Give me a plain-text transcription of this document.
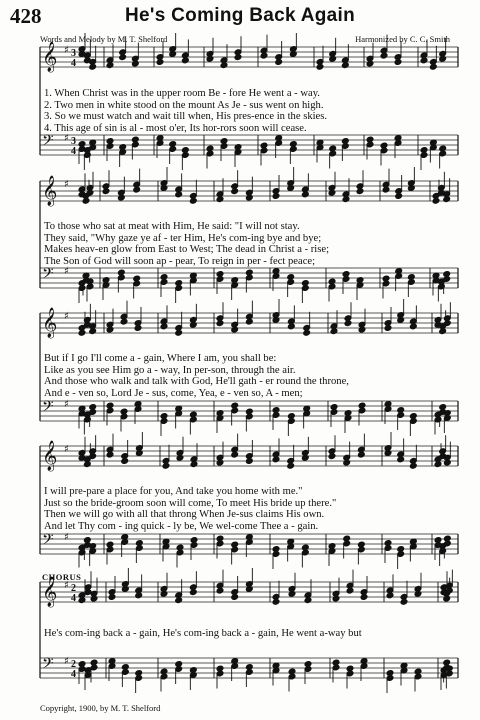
428	He's Coming Back Again
Words and Melody by M. T. Shelford	Harmonized by C. C. Smith
1. When Christ was in the upper room Be - fore He went a - way.
2. Two men in white stood on the mount As Je - sus went on high.
3. So we must watch and wait till when, His pres-ence in the skies.
4. This age of sin is al - most o'er, Its hor-rors soon will cease.
To those who sat at meat with Him, He said: "I will not stay.
They said, "Why gaze ye af - ter Him, He's com-ing bye and bye;
Makes heav-en glow from East to West; The dead in Christ a - rise;
The Son of God will soon ap - pear, To reign in per - fect peace;
But if I go I'll come a - gain, Where I am, you shall be:
Like as you see Him go a - way, In per-son, through the air.
And those who walk and talk with God, He'll gath - er round the throne,
And e - ven so, Lord Je - sus, come, Yea, e - ven so, A - men;
I will pre-pare a place for you, And take you home with me."
Just so the bride-groom soon will come, To meet His bride up there."
Then we will go with all that throng When Je-sus claims His own.
And let Thy com - ing quick - ly be, We wel-come Thee a - gain.
CHORUS
He's com-ing back a - gain, He's com-ing back a - gain, He went a-way but
Copyright, 1900, by M. T. Shelford
𝄞
𝄢
♯
♯
3
4
3
4
𝄞
𝄢
♯
♯
𝄞
𝄢
♯
♯
𝄞
𝄢
♯
♯
𝄞
𝄢
♯
♯
2
4
2
4
